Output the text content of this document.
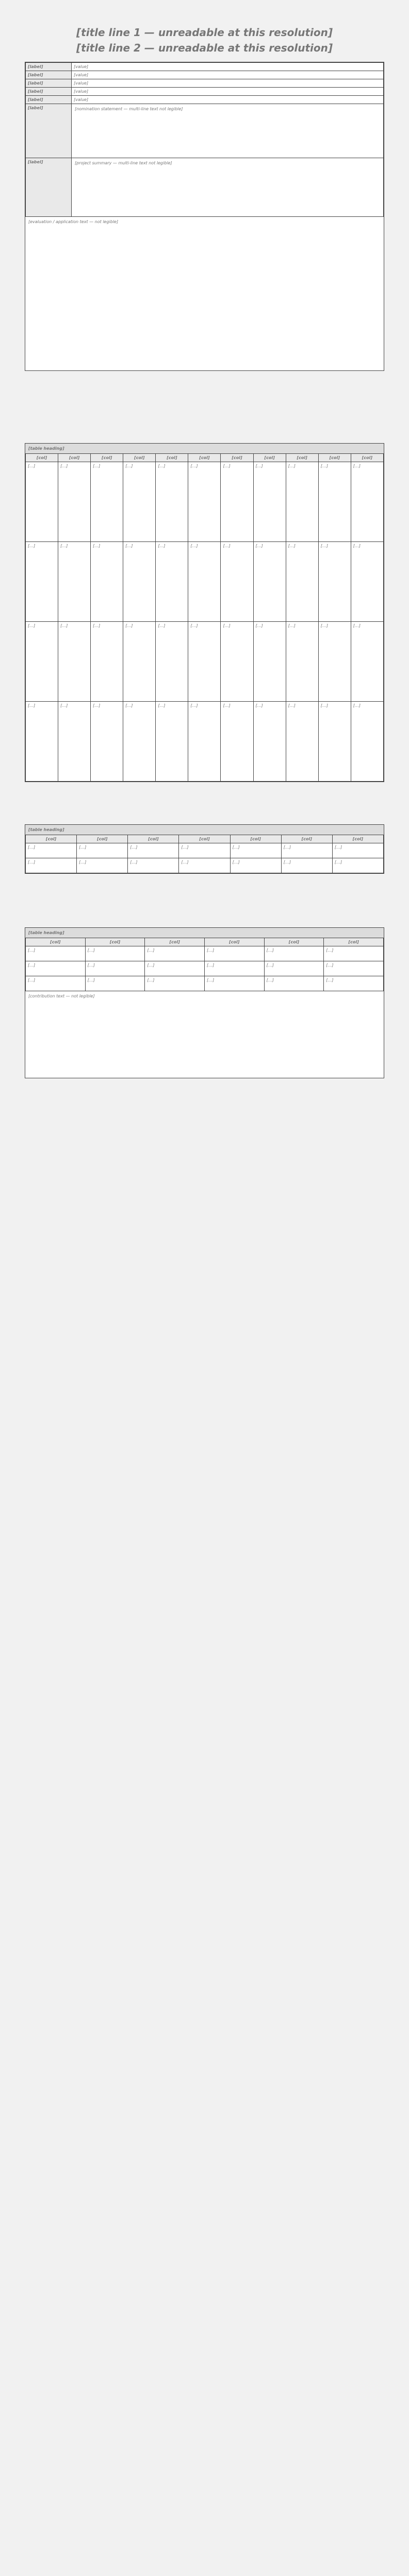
[title line 1 — unreadable at this resolution]
[title line 2 — unreadable at this resolution]
[label]	[value]
[label]	[value]
[label]	[value]
[label]	[value]
[label]	[value]
[label]	[nomination statement — multi-line text not legible]
[label]	[project summary — multi-line text not legible]
[evaluation / application text — not legible]
[table heading]
[col]	[col]	[col]	[col]	[col]	[col]	[col]	[col]	[col]	[col]	[col]
[…]	[…]	[…]	[…]	[…]	[…]	[…]	[…]	[…]	[…]	[…]
[…]	[…]	[…]	[…]	[…]	[…]	[…]	[…]	[…]	[…]	[…]
[…]	[…]	[…]	[…]	[…]	[…]	[…]	[…]	[…]	[…]	[…]
[…]	[…]	[…]	[…]	[…]	[…]	[…]	[…]	[…]	[…]	[…]
[table heading]
[col]	[col]	[col]	[col]	[col]	[col]	[col]
[…]	[…]	[…]	[…]	[…]	[…]	[…]
[…]	[…]	[…]	[…]	[…]	[…]	[…]
[table heading]
[col]	[col]	[col]	[col]	[col]	[col]
[…]	[…]	[…]	[…]	[…]	[…]
[…]	[…]	[…]	[…]	[…]	[…]
[…]	[…]	[…]	[…]	[…]	[…]
[contribution text — not legible]
